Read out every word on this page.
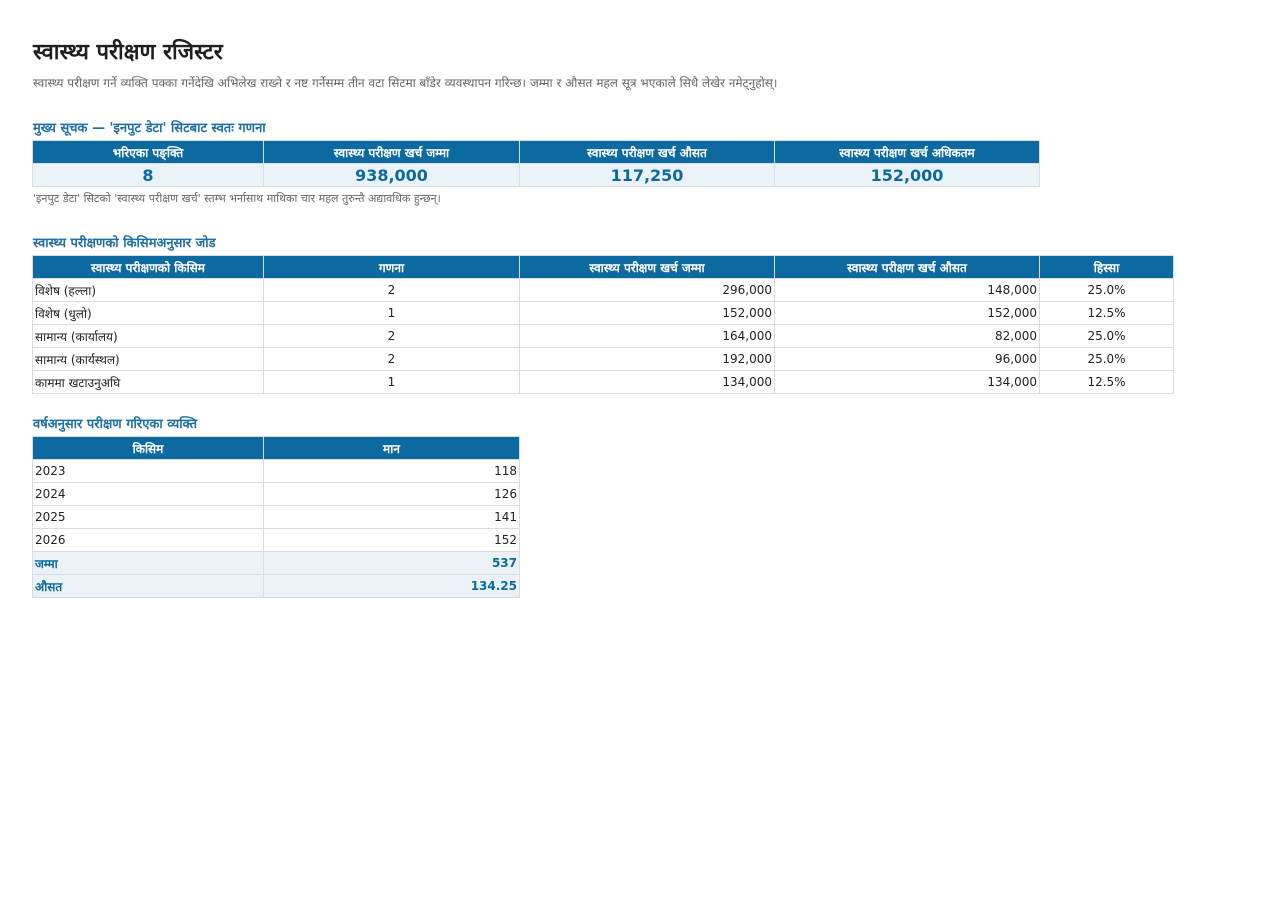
स्वास्थ्य परीक्षण रजिस्टर

स्वास्थ्य परीक्षण गर्ने व्यक्ति पक्का गर्नेदेखि अभिलेख राख्ने र नष्ट गर्नेसम्म तीन वटा सिटमा बाँडेर व्यवस्थापन गरिन्छ। जम्मा र औसत महल सूत्र भएकाले सिधै लेखेर नमेट्नुहोस्।

मुख्य सूचक — 'इनपुट डेटा' सिटबाट स्वतः गणना
भरिएका पङ्क्ति	स्वास्थ्य परीक्षण खर्च जम्मा	स्वास्थ्य परीक्षण खर्च औसत	स्वास्थ्य परीक्षण खर्च अधिकतम
8	938,000	117,250	152,000

'इनपुट डेटा' सिटको 'स्वास्थ्य परीक्षण खर्च' स्तम्भ भर्नासाथ माथिका चार महल तुरुन्तै अद्यावधिक हुन्छन्।

स्वास्थ्य परीक्षणको किसिमअनुसार जोड
स्वास्थ्य परीक्षणको किसिम	गणना	स्वास्थ्य परीक्षण खर्च जम्मा	स्वास्थ्य परीक्षण खर्च औसत	हिस्सा
विशेष (हल्ला)	2	296,000	148,000	25.0%
विशेष (धुलो)	1	152,000	152,000	12.5%
सामान्य (कार्यालय)	2	164,000	82,000	25.0%
सामान्य (कार्यस्थल)	2	192,000	96,000	25.0%
काममा खटाउनुअघि	1	134,000	134,000	12.5%
वर्षअनुसार परीक्षण गरिएका व्यक्ति
किसिम	मान
2023	118
2024	126
2025	141
2026	152
जम्मा	537
औसत	134.25
